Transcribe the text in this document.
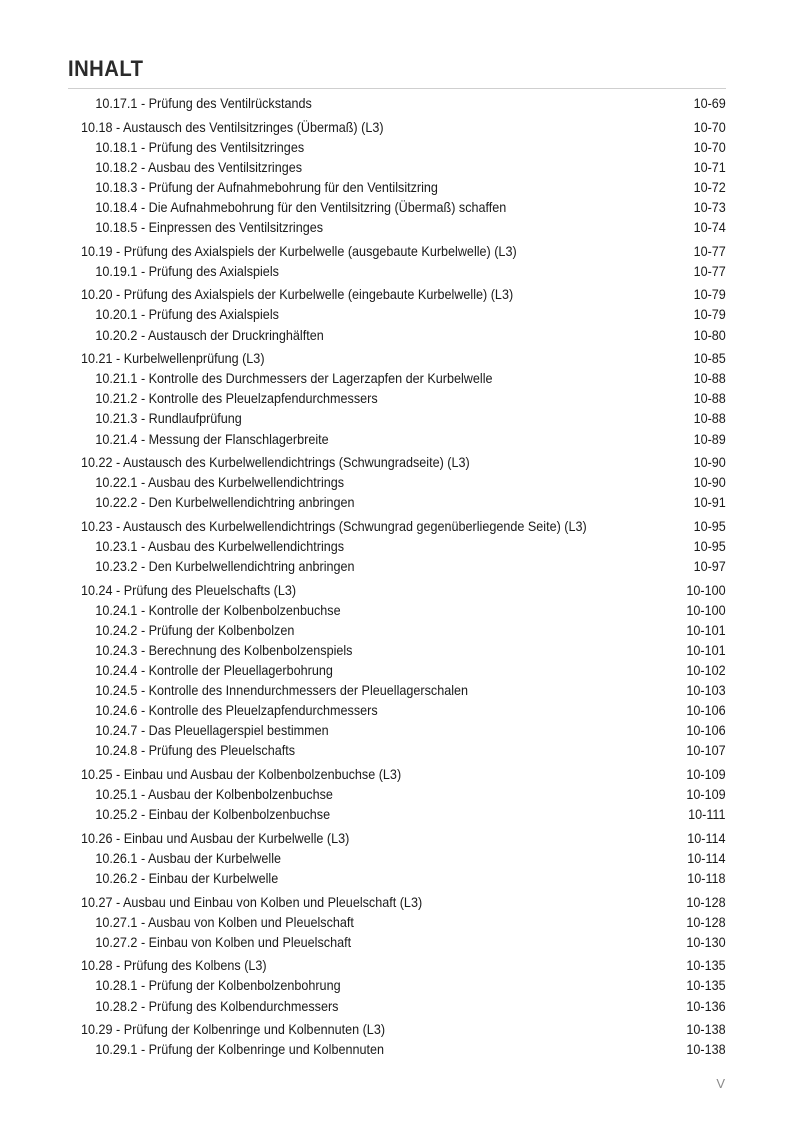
INHALT
10.17.1 - Prüfung des Ventilrückstands	10-69
10.18 - Austausch des Ventilsitzringes (Übermaß) (L3)	10-70
10.18.1 - Prüfung des Ventilsitzringes	10-70
10.18.2 - Ausbau des Ventilsitzringes	10-71
10.18.3 - Prüfung der Aufnahmebohrung für den Ventilsitzring	10-72
10.18.4 - Die Aufnahmebohrung für den Ventilsitzring (Übermaß) schaffen	10-73
10.18.5 - Einpressen des Ventilsitzringes	10-74
10.19 - Prüfung des Axialspiels der Kurbelwelle (ausgebaute Kurbelwelle) (L3)	10-77
10.19.1 - Prüfung des Axialspiels	10-77
10.20 - Prüfung des Axialspiels der Kurbelwelle (eingebaute Kurbelwelle) (L3)	10-79
10.20.1 - Prüfung des Axialspiels	10-79
10.20.2 - Austausch der Druckringhälften	10-80
10.21 - Kurbelwellenprüfung (L3)	10-85
10.21.1 - Kontrolle des Durchmessers der Lagerzapfen der Kurbelwelle	10-88
10.21.2 - Kontrolle des Pleuelzapfendurchmessers	10-88
10.21.3 - Rundlaufprüfung	10-88
10.21.4 - Messung der Flanschlagerbreite	10-89
10.22 - Austausch des Kurbelwellendichtrings (Schwungradseite) (L3)	10-90
10.22.1 - Ausbau des Kurbelwellendichtrings	10-90
10.22.2 - Den Kurbelwellendichtring anbringen	10-91
10.23 - Austausch des Kurbelwellendichtrings (Schwungrad gegenüberliegende Seite) (L3)	10-95
10.23.1 - Ausbau des Kurbelwellendichtrings	10-95
10.23.2 - Den Kurbelwellendichtring anbringen	10-97
10.24 - Prüfung des Pleuelschafts (L3)	10-100
10.24.1 - Kontrolle der Kolbenbolzenbuchse	10-100
10.24.2 - Prüfung der Kolbenbolzen	10-101
10.24.3 - Berechnung des Kolbenbolzenspiels	10-101
10.24.4 - Kontrolle der Pleuellagerbohrung	10-102
10.24.5 - Kontrolle des Innendurchmessers der Pleuellagerschalen	10-103
10.24.6 - Kontrolle des Pleuelzapfendurchmessers	10-106
10.24.7 - Das Pleuellagerspiel bestimmen	10-106
10.24.8 - Prüfung des Pleuelschafts	10-107
10.25 - Einbau und Ausbau der Kolbenbolzenbuchse (L3)	10-109
10.25.1 - Ausbau der Kolbenbolzenbuchse	10-109
10.25.2 - Einbau der Kolbenbolzenbuchse	10-111
10.26 - Einbau und Ausbau der Kurbelwelle (L3)	10-114
10.26.1 - Ausbau der Kurbelwelle	10-114
10.26.2 - Einbau der Kurbelwelle	10-118
10.27 - Ausbau und Einbau von Kolben und Pleuelschaft (L3)	10-128
10.27.1 - Ausbau von Kolben und Pleuelschaft	10-128
10.27.2 - Einbau von Kolben und Pleuelschaft	10-130
10.28 - Prüfung des Kolbens (L3)	10-135
10.28.1 - Prüfung der Kolbenbolzenbohrung	10-135
10.28.2 - Prüfung des Kolbendurchmessers	10-136
10.29 - Prüfung der Kolbenringe und Kolbennuten (L3)	10-138
10.29.1 - Prüfung der Kolbenringe und Kolbennuten	10-138
V
